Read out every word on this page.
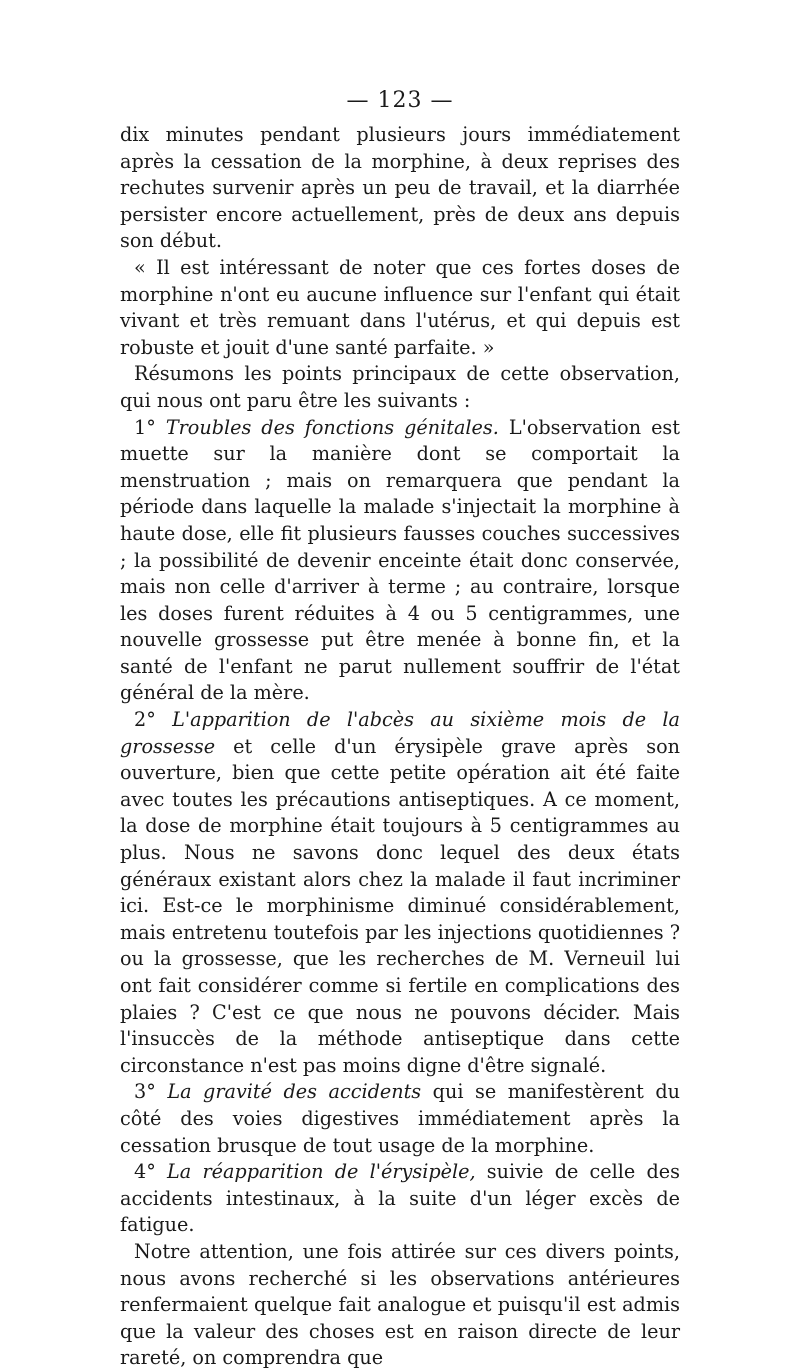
— 123 —

dix minutes pendant plusieurs jours immédiatement après la cessation de la morphine, à deux reprises des rechutes survenir après un peu de travail, et la diarrhée persister encore actuellement, près de deux ans depuis son début.

« Il est intéressant de noter que ces fortes doses de morphine n'ont eu aucune influence sur l'enfant qui était vivant et très remuant dans l'utérus, et qui depuis est robuste et jouit d'une santé parfaite. »

Résumons les points principaux de cette observation, qui nous ont paru être les suivants :

1° Troubles des fonctions génitales. L'observation est muette sur la manière dont se comportait la menstruation ; mais on remarquera que pendant la période dans laquelle la malade s'injectait la morphine à haute dose, elle fit plusieurs fausses couches successives ; la possibilité de devenir enceinte était donc conservée, mais non celle d'arriver à terme ; au contraire, lorsque les doses furent réduites à 4 ou 5 centigrammes, une nouvelle grossesse put être menée à bonne fin, et la santé de l'enfant ne parut nullement souffrir de l'état général de la mère.

2° L'apparition de l'abcès au sixième mois de la grossesse et celle d'un érysipèle grave après son ouverture, bien que cette petite opération ait été faite avec toutes les précautions antiseptiques. A ce moment, la dose de morphine était toujours à 5 centigrammes au plus. Nous ne savons donc lequel des deux états généraux existant alors chez la malade il faut incriminer ici. Est-ce le morphinisme diminué considérablement, mais entretenu toutefois par les injections quotidiennes ? ou la grossesse, que les recherches de M. Verneuil lui ont fait considérer comme si fertile en complications des plaies ? C'est ce que nous ne pouvons décider. Mais l'insuccès de la méthode antiseptique dans cette circonstance n'est pas moins digne d'être signalé.

3° La gravité des accidents qui se manifestèrent du côté des voies digestives immédiatement après la cessation brusque de tout usage de la morphine.

4° La réapparition de l'érysipèle, suivie de celle des accidents intestinaux, à la suite d'un léger excès de fatigue.

Notre attention, une fois attirée sur ces divers points, nous avons recherché si les observations antérieures renfermaient quelque fait analogue et puisqu'il est admis que la valeur des choses est en raison directe de leur rareté, on comprendra que
